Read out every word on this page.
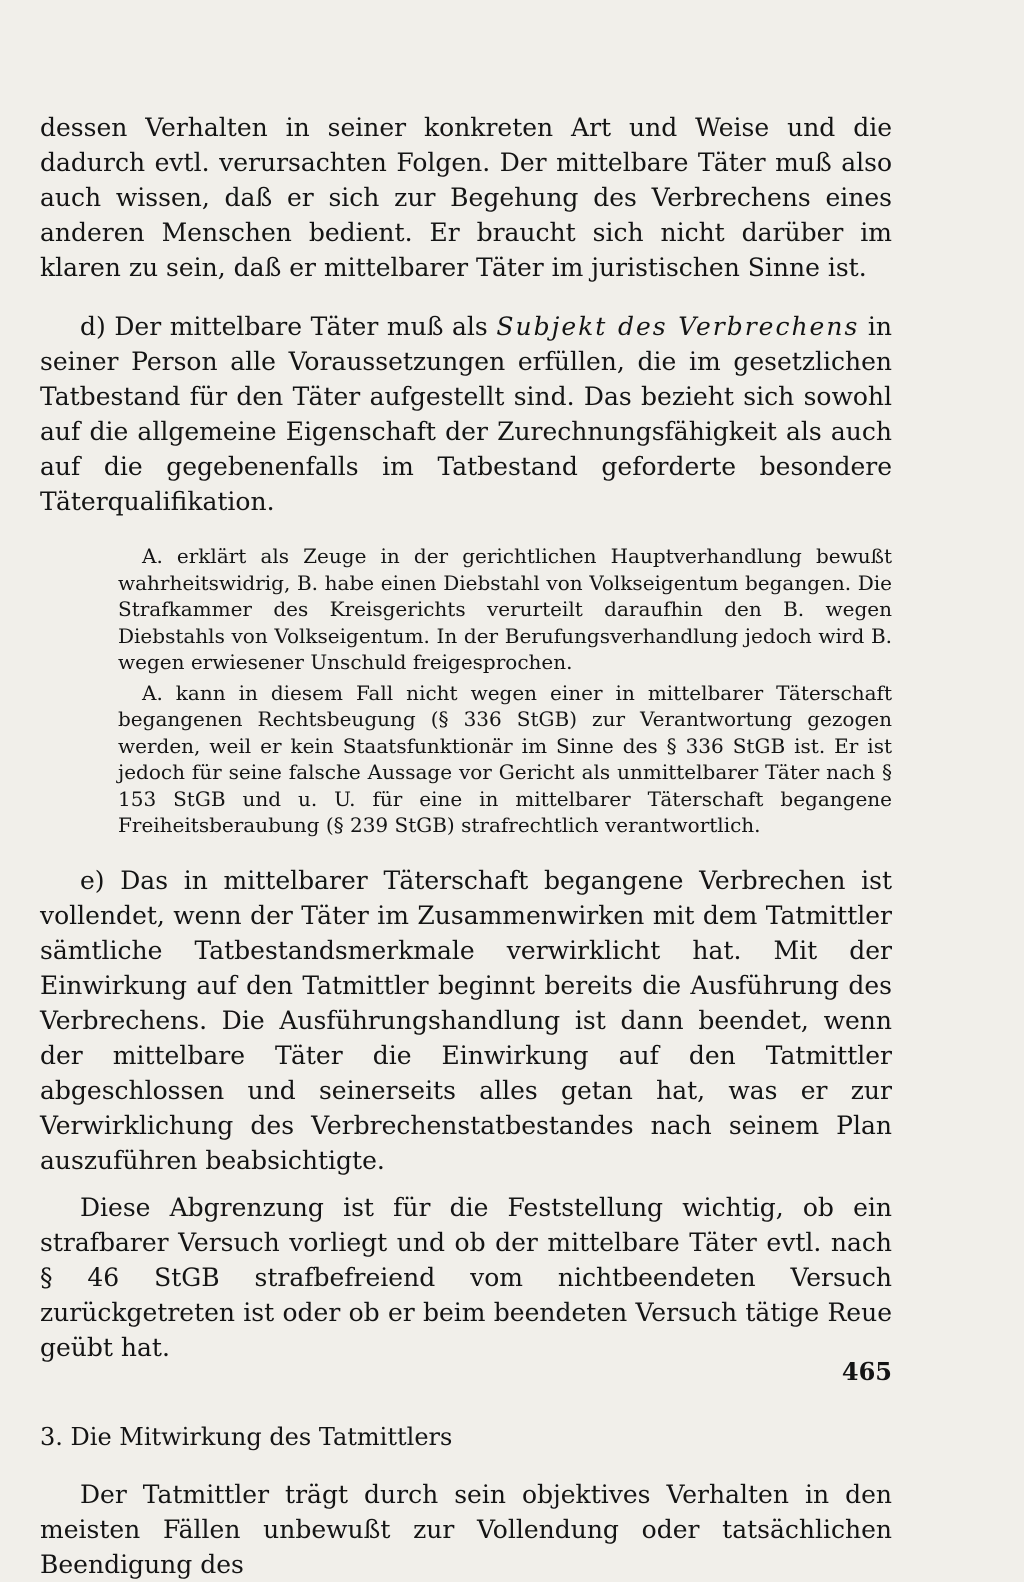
dessen Verhalten in seiner konkreten Art und Weise und die dadurch evtl. verursachten Folgen. Der mittelbare Täter muß also auch wissen, daß er sich zur Begehung des Verbrechens eines anderen Menschen bedient. Er braucht sich nicht darüber im klaren zu sein, daß er mittelbarer Täter im juristischen Sinne ist.

d) Der mittelbare Täter muß als Subjekt des Verbrechens in seiner Person alle Voraussetzungen erfüllen, die im gesetzlichen Tatbestand für den Täter aufgestellt sind. Das bezieht sich sowohl auf die allgemeine Eigenschaft der Zurechnungsfähigkeit als auch auf die gegebenenfalls im Tatbestand geforderte besondere Täterqualifikation.

A. erklärt als Zeuge in der gerichtlichen Hauptverhandlung bewußt wahrheitswidrig, B. habe einen Diebstahl von Volkseigentum begangen. Die Strafkammer des Kreisgerichts verurteilt daraufhin den B. wegen Diebstahls von Volkseigentum. In der Berufungsverhandlung jedoch wird B. wegen erwiesener Unschuld freigesprochen.

A. kann in diesem Fall nicht wegen einer in mittelbarer Täterschaft begangenen Rechtsbeugung (§ 336 StGB) zur Verantwortung gezogen werden, weil er kein Staatsfunktionär im Sinne des § 336 StGB ist. Er ist jedoch für seine falsche Aussage vor Gericht als unmittelbarer Täter nach § 153 StGB und u. U. für eine in mittelbarer Täterschaft begangene Freiheitsberaubung (§ 239 StGB) strafrechtlich verantwortlich.

e) Das in mittelbarer Täterschaft begangene Verbrechen ist vollendet, wenn der Täter im Zusammenwirken mit dem Tatmittler sämtliche Tatbestandsmerkmale verwirklicht hat. Mit der Einwirkung auf den Tatmittler beginnt bereits die Ausführung des Verbrechens. Die Ausführungshandlung ist dann beendet, wenn der mittelbare Täter die Einwirkung auf den Tatmittler abgeschlossen und seinerseits alles getan hat, was er zur Verwirklichung des Verbrechenstatbestandes nach seinem Plan auszuführen beabsichtigte.

Diese Abgrenzung ist für die Feststellung wichtig, ob ein strafbarer Versuch vorliegt und ob der mittelbare Täter evtl. nach § 46 StGB strafbefreiend vom nichtbeendeten Versuch zurückgetreten ist oder ob er beim beendeten Versuch tätige Reue geübt hat.

3. Die Mitwirkung des Tatmittlers

Der Tatmittler trägt durch sein objektives Verhalten in den meisten Fällen unbewußt zur Vollendung oder tatsächlichen Beendigung des

465
